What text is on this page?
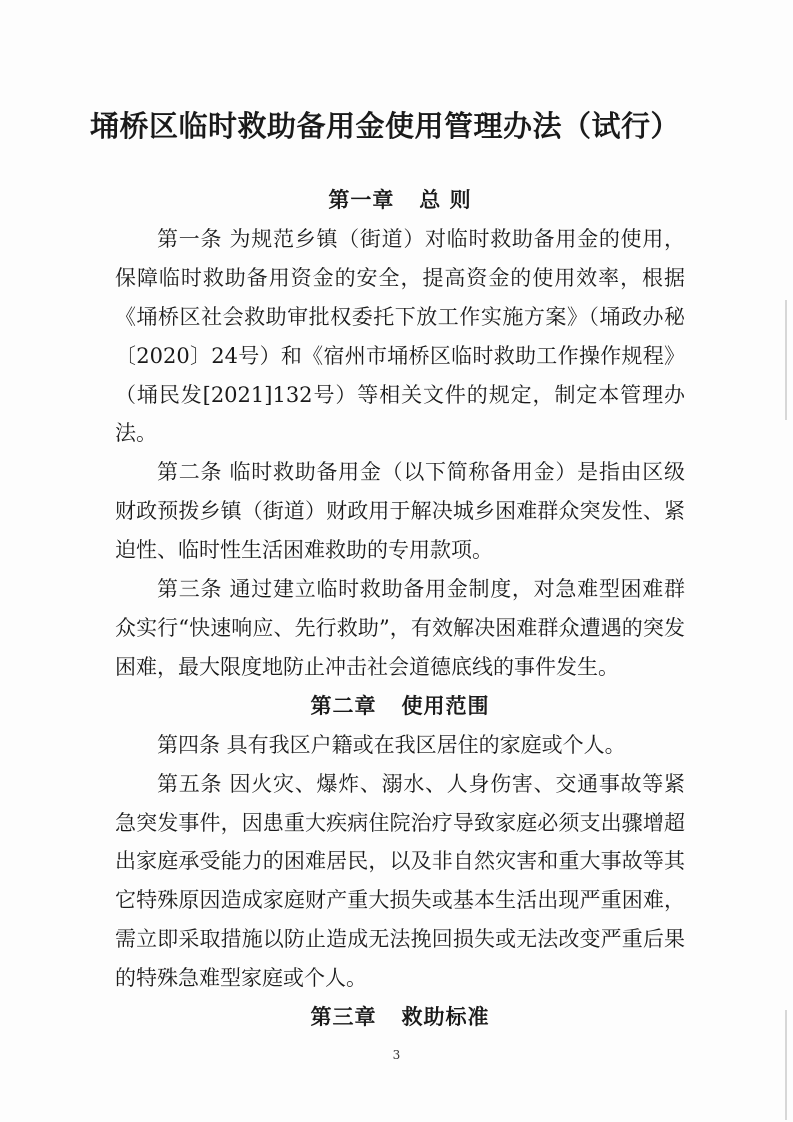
埇桥区临时救助备用金使用管理办法（试行）

第一章   总 则

第一条 为规范乡镇（街道）对临时救助备用金的使用，保障临时救助备用资金的安全，提高资金的使用效率，根据《埇桥区社会救助审批权委托下放工作实施方案》（埇政办秘〔2020〕24号）和《宿州市埇桥区临时救助工作操作规程》（埇民发[2021]132号）等相关文件的规定，制定本管理办法。

第二条 临时救助备用金（以下简称备用金）是指由区级财政预拨乡镇（街道）财政用于解决城乡困难群众突发性、紧迫性、临时性生活困难救助的专用款项。

第三条 通过建立临时救助备用金制度，对急难型困难群众实行“快速响应、先行救助”，有效解决困难群众遭遇的突发困难，最大限度地防止冲击社会道德底线的事件发生。

第二章   使用范围

第四条 具有我区户籍或在我区居住的家庭或个人。

第五条 因火灾、爆炸、溺水、人身伤害、交通事故等紧急突发事件，因患重大疾病住院治疗导致家庭必须支出骤增超出家庭承受能力的困难居民，以及非自然灾害和重大事故等其它特殊原因造成家庭财产重大损失或基本生活出现严重困难，需立即采取措施以防止造成无法挽回损失或无法改变严重后果的特殊急难型家庭或个人。

第三章   救助标准

3
